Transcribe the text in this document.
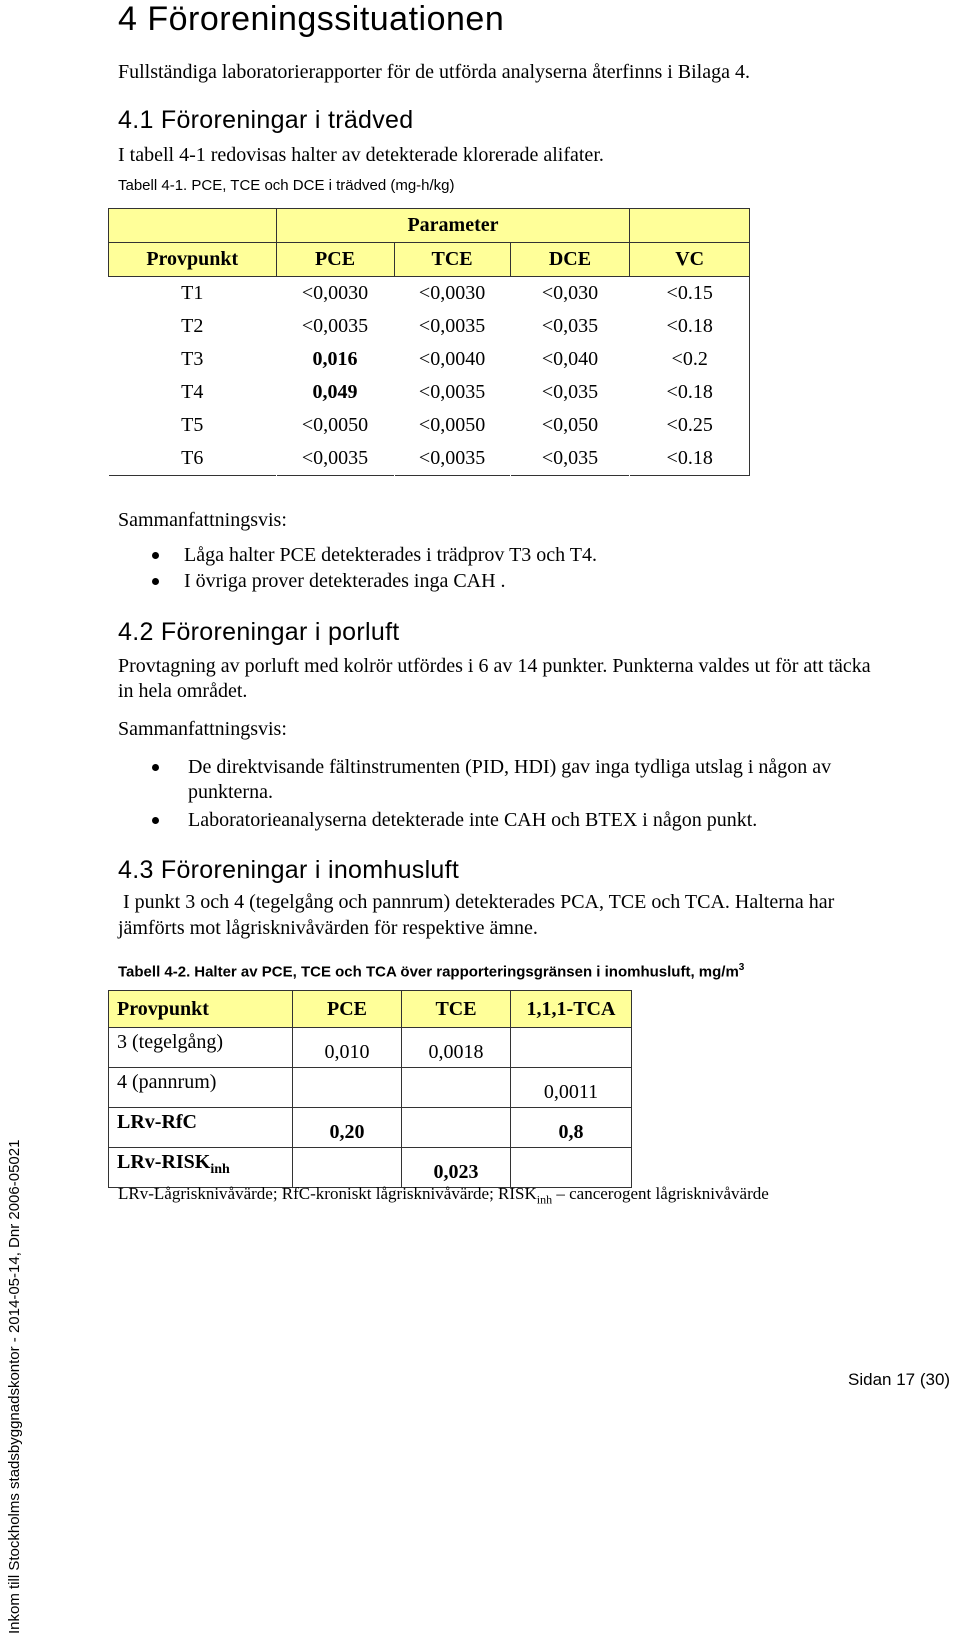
4 Föroreningssituationen
Fullständiga laboratorierapporter för de utförda analyserna återfinns i Bilaga 4.
4.1 Föroreningar i trädved
I tabell 4-1 redovisas halter av detekterade klorerade alifater.
Tabell 4-1. PCE, TCE och DCE i trädved (mg-h/kg)
	Parameter			
Provpunkt	PCE	TCE	DCE	VC
T1	<0,0030	<0,0030	<0,030	<0.15
T2	<0,0035	<0,0035	<0,035	<0.18
T3	0,016	<0,0040	<0,040	<0.2
T4	0,049	<0,0035	<0,035	<0.18
T5	<0,0050	<0,0050	<0,050	<0.25
T6	<0,0035	<0,0035	<0,035	<0.18
Sammanfattningsvis:
Låga halter PCE detekterades i trädprov T3 och T4.
I övriga prover detekterades inga CAH .
4.2 Föroreningar i porluft
Provtagning av porluft med kolrör utfördes i 6 av 14 punkter. Punkterna valdes ut för att täcka
in hela området.
Sammanfattningsvis:
De direktvisande fältinstrumenten (PID, HDI) gav inga tydliga utslag i någon av
punkterna.
Laboratorieanalyserna detekterade inte CAH och BTEX i någon punkt.
4.3 Föroreningar i inomhusluft
I punkt 3 och 4 (tegelgång och pannrum) detekterades PCA, TCE och TCA. Halterna har
jämförts mot lågrisknivåvärden för respektive ämne.
Tabell 4-2. Halter av PCE, TCE och TCA över rapporteringsgränsen i inomhusluft, $mg/m^3$
Provpunkt	PCE	TCE	1,1,1-TCA
3 (tegelgång)	0,010	0,0018	
4 (pannrum)			0,0011
LRv-RfC	0,20		0,8
LRv-$RISK_{inh}$		0,023	
LRv-Lågrisknivåvärde; RfC-kroniskt lågrisknivåvärde; $RISK_{inh}$ – cancerogent lågrisknivåvärde
Inkom till Stockholms stadsbyggnadskontor - 2014-05-14, Dnr 2006-05021	Sidan 17 (30)
